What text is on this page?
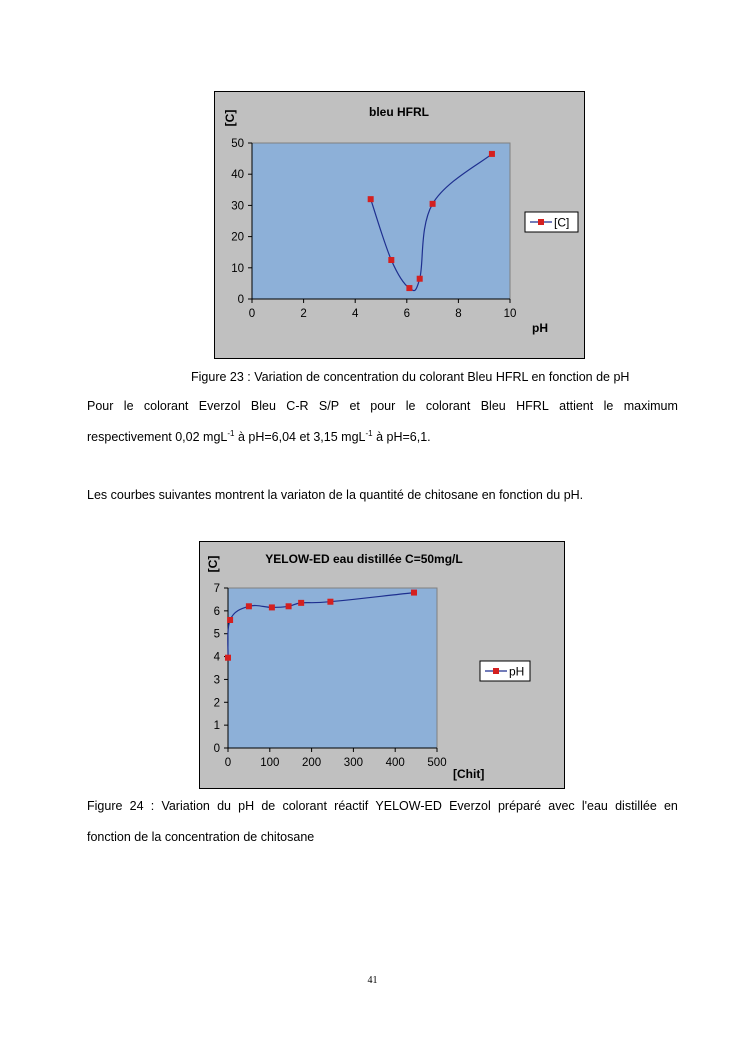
bleu HFRL
[C]
0
10
20
30
40
50
0	2	4	6	8	10
pH
[C]
Figure 23 : Variation de concentration du colorant Bleu HFRL en fonction de pH
Pour le colorant Everzol Bleu C-R S/P et pour le colorant Bleu HFRL attient le maximum
respectivement 0,02 mgL$^{-1}$ à pH=6,04 et 3,15 mgL$^{-1}$ à pH=6,1.
Les courbes suivantes montrent la variaton de la quantité de chitosane en fonction du pH.
YELOW-ED eau distillée C=50mg/L
[C]
0
1
2
3
4
5
6
7
0	100 200 300 400 500
[Chit]
pH
Figure 24 : Variation du pH de colorant réactif YELOW-ED Everzol préparé avec l'eau distillée en
fonction de la concentration de chitosane
41
